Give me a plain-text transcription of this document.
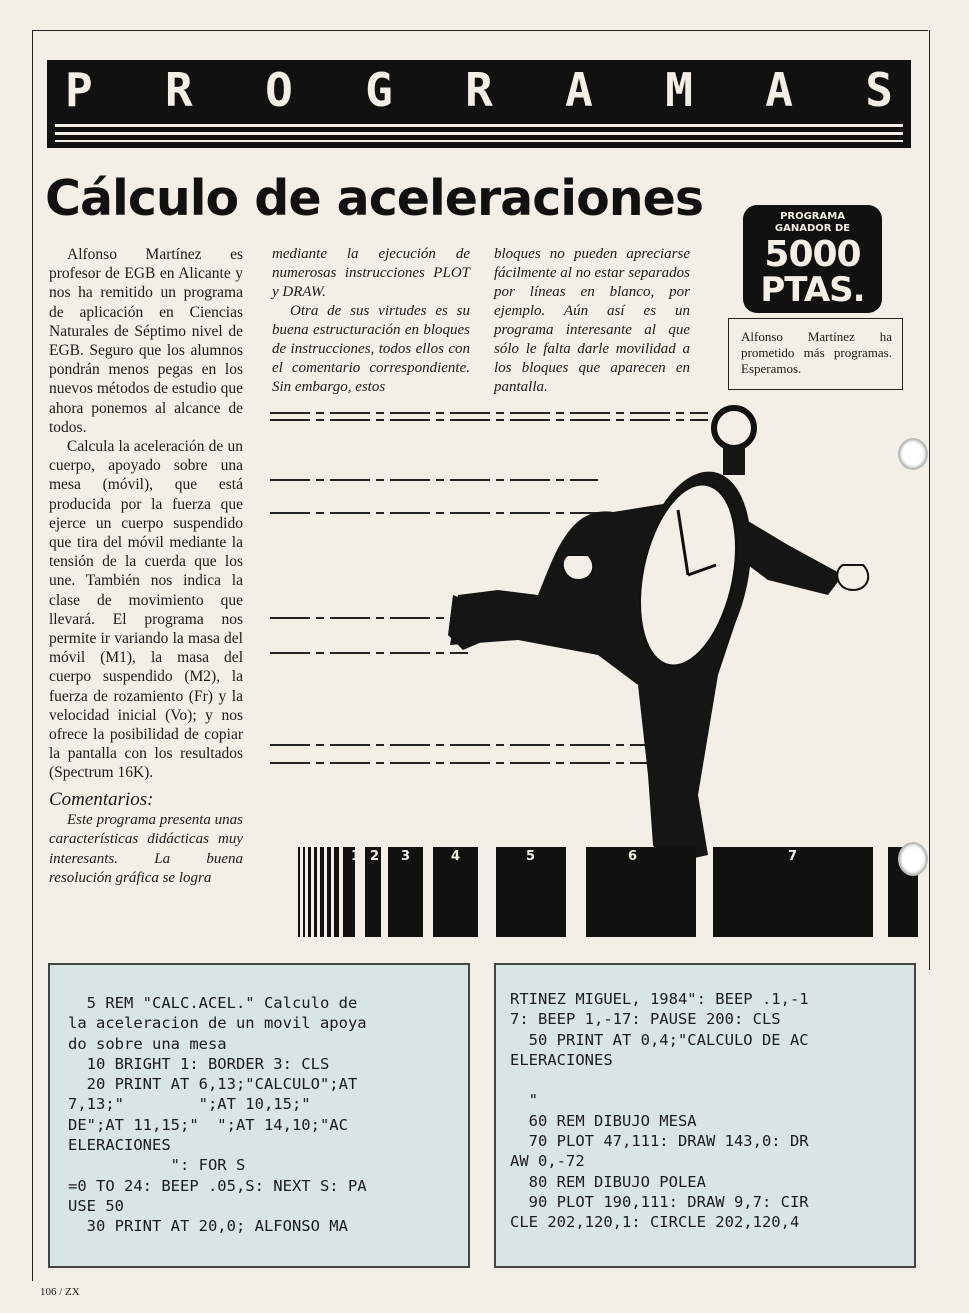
P R O G R A M A S
Cálculo de aceleraciones	PROGRAMA
GANADOR DE
5000
PTAS.
Alfonso Martínez ha prometido más programas. Esperamos.

Alfonso Martínez es profesor de EGB en Alicante y nos ha remitido un programa de aplicación en Ciencias Naturales de Séptimo nivel de EGB. Seguro que los alumnos pondrán menos pegas en los nuevos métodos de estudio que ahora ponemos al alcance de todos.

Calcula la aceleración de un cuerpo, apoyado sobre una mesa (móvil), que está producida por la fuerza que ejerce un cuerpo suspendido que tira del móvil mediante la tensión de la cuerda que los une. También nos indica la clase de movimiento que llevará. El programa nos permite ir variando la masa del móvil (M1), la masa del cuerpo suspendido (M2), la fuerza de rozamiento (Fr) y la velocidad inicial (Vo); y nos ofrece la posibilidad de copiar la pantalla con los resultados (Spectrum 16K).

Comentarios:

Este programa presenta unas características didácticas muy interesants. La buena resolución gráfica se logra

mediante la ejecución de numerosas instrucciones PLOT y DRAW.

Otra de sus virtudes es su buena estructuración en bloques de instrucciones, todos ellos con el comentario correspondiente. Sin embargo, estos

bloques no pueden apreciarse fácilmente al no estar separados por líneas en blanco, por ejemplo. Aún así es un programa interesante al que sólo le falta darle movilidad a los bloques que aparecen en pantalla.

1 2 3	4	5	6	7
5 REM "CALC.ACEL." Calculo de
la aceleracion de un movil apoya
do sobre una mesa
10 BRIGHT 1: BORDER 3: CLS
20 PRINT AT 6,13;"CALCULO";AT
7,13;"        ";AT 10,15;"
DE";AT 11,15;"  ";AT 14,10;"AC
ELERACIONES
": FOR S
=0 TO 24: BEEP .05,S: NEXT S: PA
USE 50
30 PRINT AT 20,0; ALFONSO MA
RTINEZ MIGUEL, 1984": BEEP .1,-1
7: BEEP 1,-17: PAUSE 200: CLS
50 PRINT AT 0,4;"CALCULO DE AC
ELERACIONES
"
60 REM DIBUJO MESA
70 PLOT 47,111: DRAW 143,0: DR
AW 0,-72
80 REM DIBUJO POLEA
90 PLOT 190,111: DRAW 9,7: CIR
CLE 202,120,1: CIRCLE 202,120,4
106 / ZX
